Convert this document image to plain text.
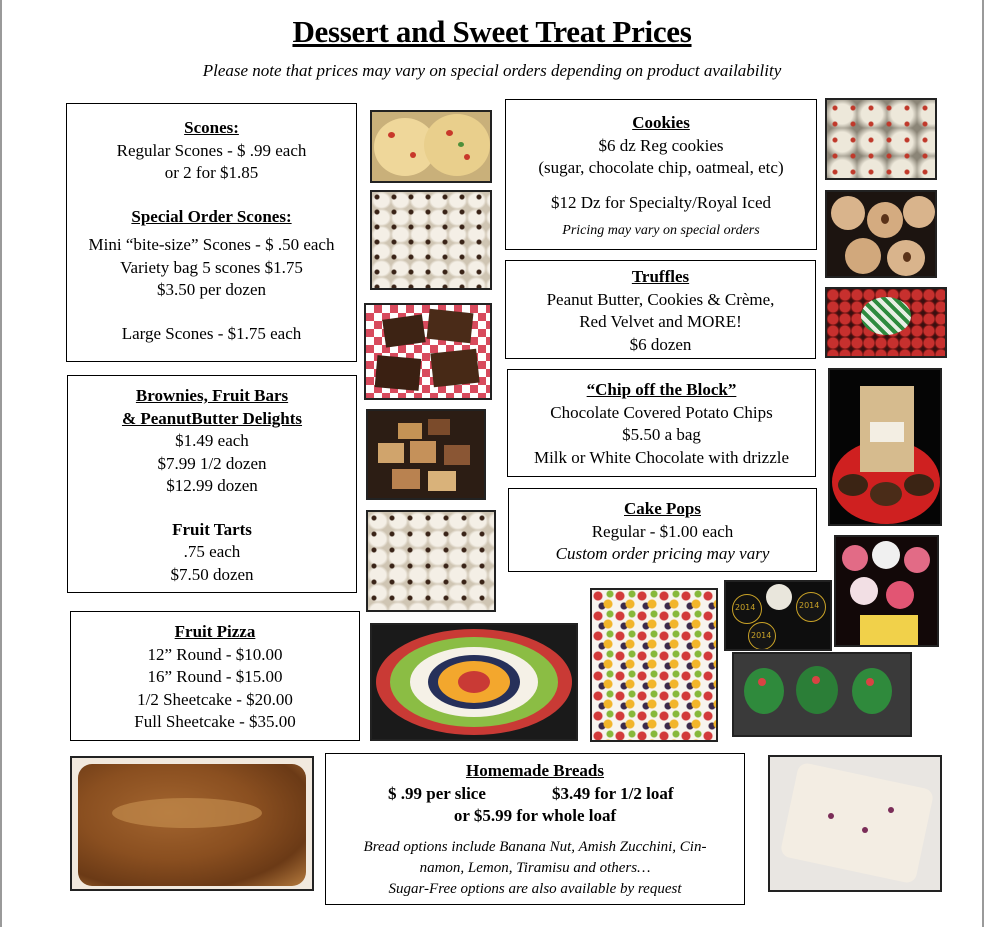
Dessert and Sweet Treat Prices
Please note that prices may vary on special orders depending on product availability
Scones:
Regular Scones - $ .99 each
or 2 for $1.85
Special Order Scones:
Mini “bite-size” Scones - $ .50 each
Variety bag 5 scones $1.75
$3.50 per dozen
Large Scones - $1.75 each
Brownies, Fruit Bars
& PeanutButter Delights
$1.49 each
$7.99 1/2 dozen
$12.99 dozen
Fruit Tarts
.75 each
$7.50 dozen
Fruit Pizza
12” Round - $10.00
16” Round - $15.00
1/2 Sheetcake - $20.00
Full Sheetcake - $35.00
Cookies
$6 dz Reg cookies
(sugar, chocolate chip, oatmeal, etc)
$12 Dz for Specialty/Royal Iced
Pricing may vary on special orders
Truffles
Peanut Butter, Cookies & Crème,
Red Velvet and MORE!
$6 dozen
“Chip off the Block”
Chocolate Covered Potato Chips
$5.50 a bag
Milk or White Chocolate with drizzle
Cake Pops
Regular - $1.00 each
Custom order pricing may vary
Homemade Breads
$ .99 per slice	$3.49 for 1/2 loaf
or $5.99 for whole loaf
Bread options include Banana Nut, Amish Zucchini, Cin-
namon, Lemon, Tiramisu and others…
Sugar-Free options are also available by request
2014	2014
2014
